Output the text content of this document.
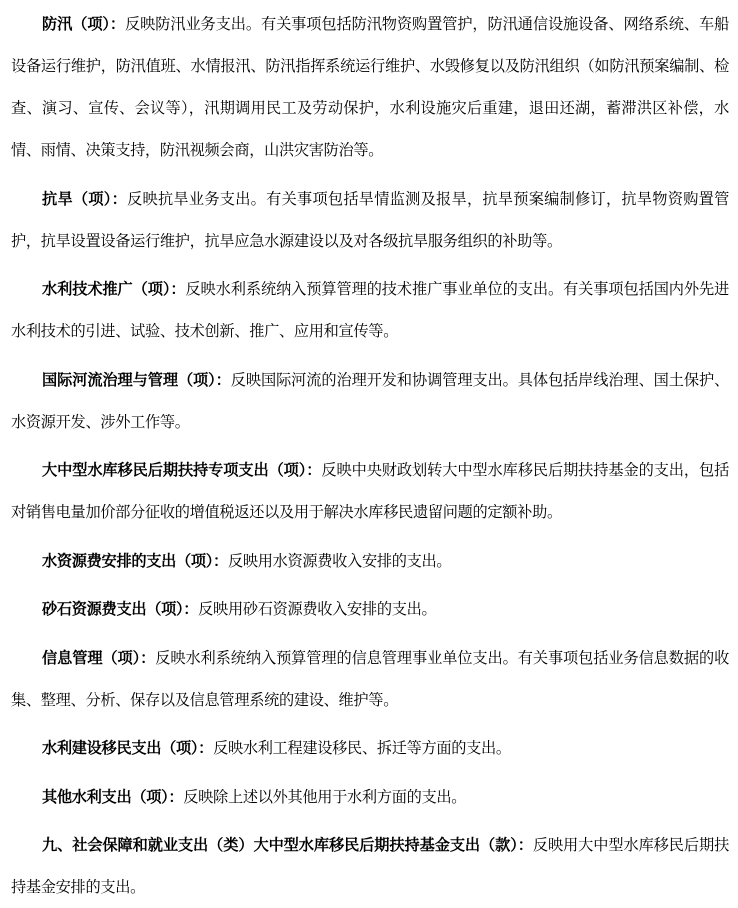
防汛（项）：反映防汛业务支出。有关事项包括防汛物资购置管护，防汛通信设施设备、网络系统、车船设备运行维护，防汛值班、水情报汛、防汛指挥系统运行维护、水毁修复以及防汛组织（如防汛预案编制、检查、演习、宣传、会议等），汛期调用民工及劳动保护，水利设施灾后重建，退田还湖，蓄滞洪区补偿，水情、雨情、决策支持，防汛视频会商，山洪灾害防治等。

抗旱（项）：反映抗旱业务支出。有关事项包括旱情监测及报旱，抗旱预案编制修订，抗旱物资购置管护，抗旱设置设备运行维护，抗旱应急水源建设以及对各级抗旱服务组织的补助等。

水利技术推广（项）：反映水利系统纳入预算管理的技术推广事业单位的支出。有关事项包括国内外先进水利技术的引进、试验、技术创新、推广、应用和宣传等。

国际河流治理与管理（项）：反映国际河流的治理开发和协调管理支出。具体包括岸线治理、国土保护、水资源开发、涉外工作等。

大中型水库移民后期扶持专项支出（项）：反映中央财政划转大中型水库移民后期扶持基金的支出，包括对销售电量加价部分征收的增值税返还以及用于解决水库移民遗留问题的定额补助。

水资源费安排的支出（项）：反映用水资源费收入安排的支出。

砂石资源费支出（项）：反映用砂石资源费收入安排的支出。

信息管理（项）：反映水利系统纳入预算管理的信息管理事业单位支出。有关事项包括业务信息数据的收集、整理、分析、保存以及信息管理系统的建设、维护等。

水利建设移民支出（项）：反映水利工程建设移民、拆迁等方面的支出。

其他水利支出（项）：反映除上述以外其他用于水利方面的支出。

九、社会保障和就业支出（类）大中型水库移民后期扶持基金支出（款）：反映用大中型水库移民后期扶持基金安排的支出。
